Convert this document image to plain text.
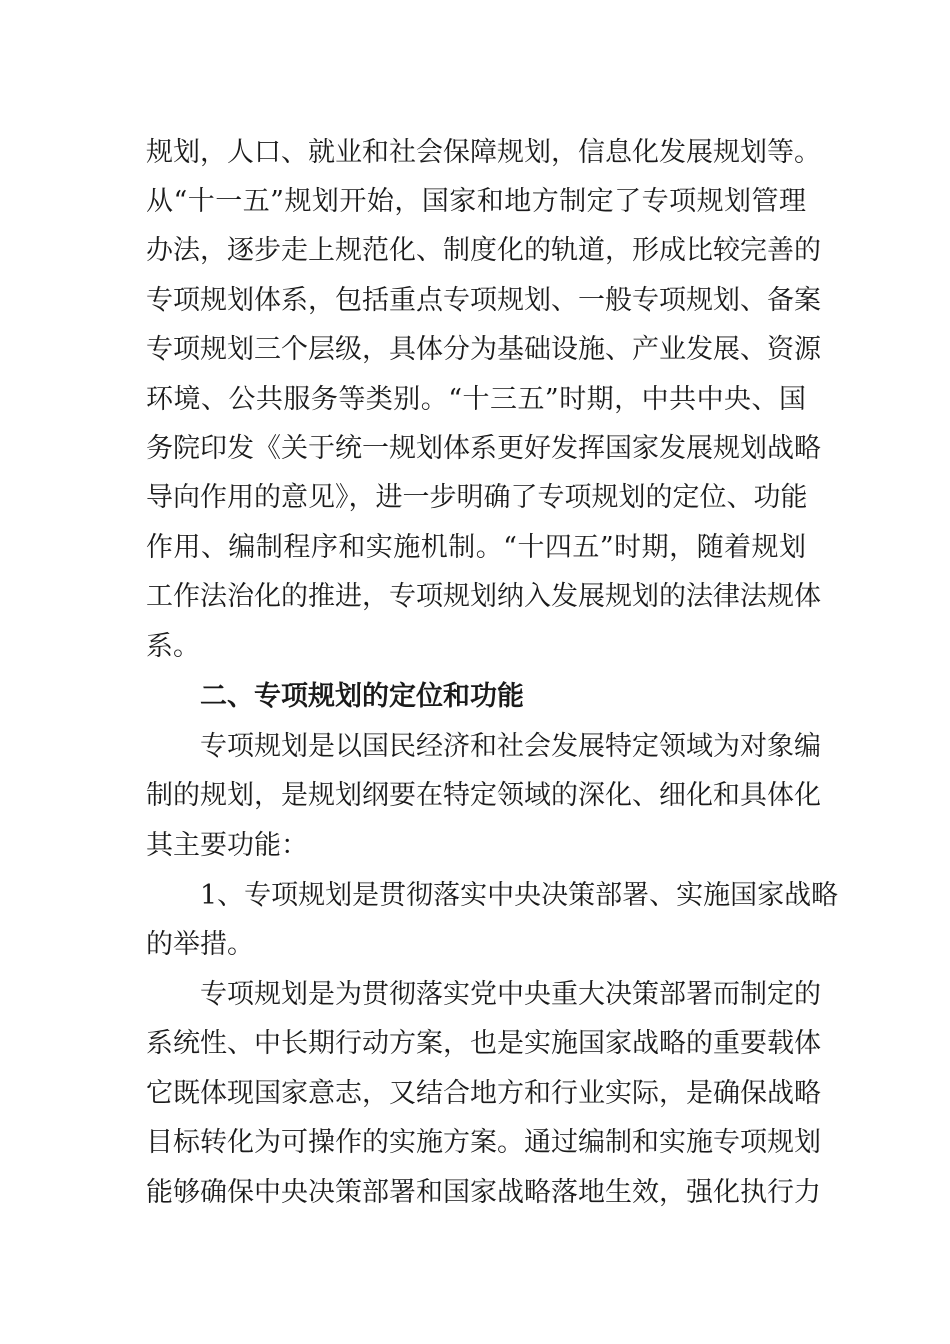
规划，人口、就业和社会保障规划，信息化发展规划等。
从“十一五”规划开始，国家和地方制定了专项规划管理
办法，逐步走上规范化、制度化的轨道，形成比较完善的
专项规划体系，包括重点专项规划、一般专项规划、备案
专项规划三个层级，具体分为基础设施、产业发展、资源
环境、公共服务等类别。“十三五”时期，中共中央、国
务院印发《关于统一规划体系更好发挥国家发展规划战略
导向作用的意见》，进一步明确了专项规划的定位、功能
作用、编制程序和实施机制。“十四五”时期，随着规划
工作法治化的推进，专项规划纳入发展规划的法律法规体
系。
二、专项规划的定位和功能
专项规划是以国民经济和社会发展特定领域为对象编
制的规划，是规划纲要在特定领域的深化、细化和具体化
其主要功能：
1、专项规划是贯彻落实中央决策部署、实施国家战略
的举措。
专项规划是为贯彻落实党中央重大决策部署而制定的
系统性、中长期行动方案，也是实施国家战略的重要载体
它既体现国家意志，又结合地方和行业实际，是确保战略
目标转化为可操作的实施方案。通过编制和实施专项规划
能够确保中央决策部署和国家战略落地生效，强化执行力
